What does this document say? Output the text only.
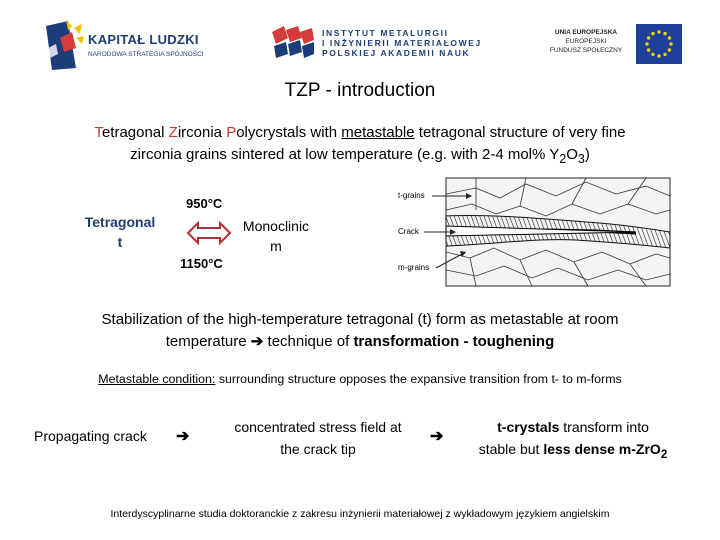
KAPITAŁ LUDZKI
NARODOWA STRATEGIA SPÓJNOŚCI
INSTYTUT METALURGII
I INŻYNIERII MATERIAŁOWEJ
POLSKIEJ AKADEMII NAUK
UNIA EUROPEJSKA
EUROPEJSKI
FUNDUSZ SPOŁECZNY
TZP - introduction
Tetragonal Zirconia Polycrystals with metastable tetragonal structure of very fine
zirconia grains sintered at low temperature (e.g. with 2-4 mol% $Y_2O_3$)
Tetragonal
t
950°C
1150°C
Monoclinic
m
t-grains
Crack
m-grains
Stabilization of the high-temperature tetragonal (t) form as metastable at room
temperature ➔ technique of transformation - toughening
Metastable condition: surrounding structure opposes the expansive transition from t- to m-forms
Propagating crack ➔
concentrated stress field at
the crack tip
➔
t-crystals transform into
stable but less dense m-ZrO$_2$
Interdyscyplinarne studia doktoranckie z zakresu inżynierii materiałowej z wykładowym językiem angielskim
